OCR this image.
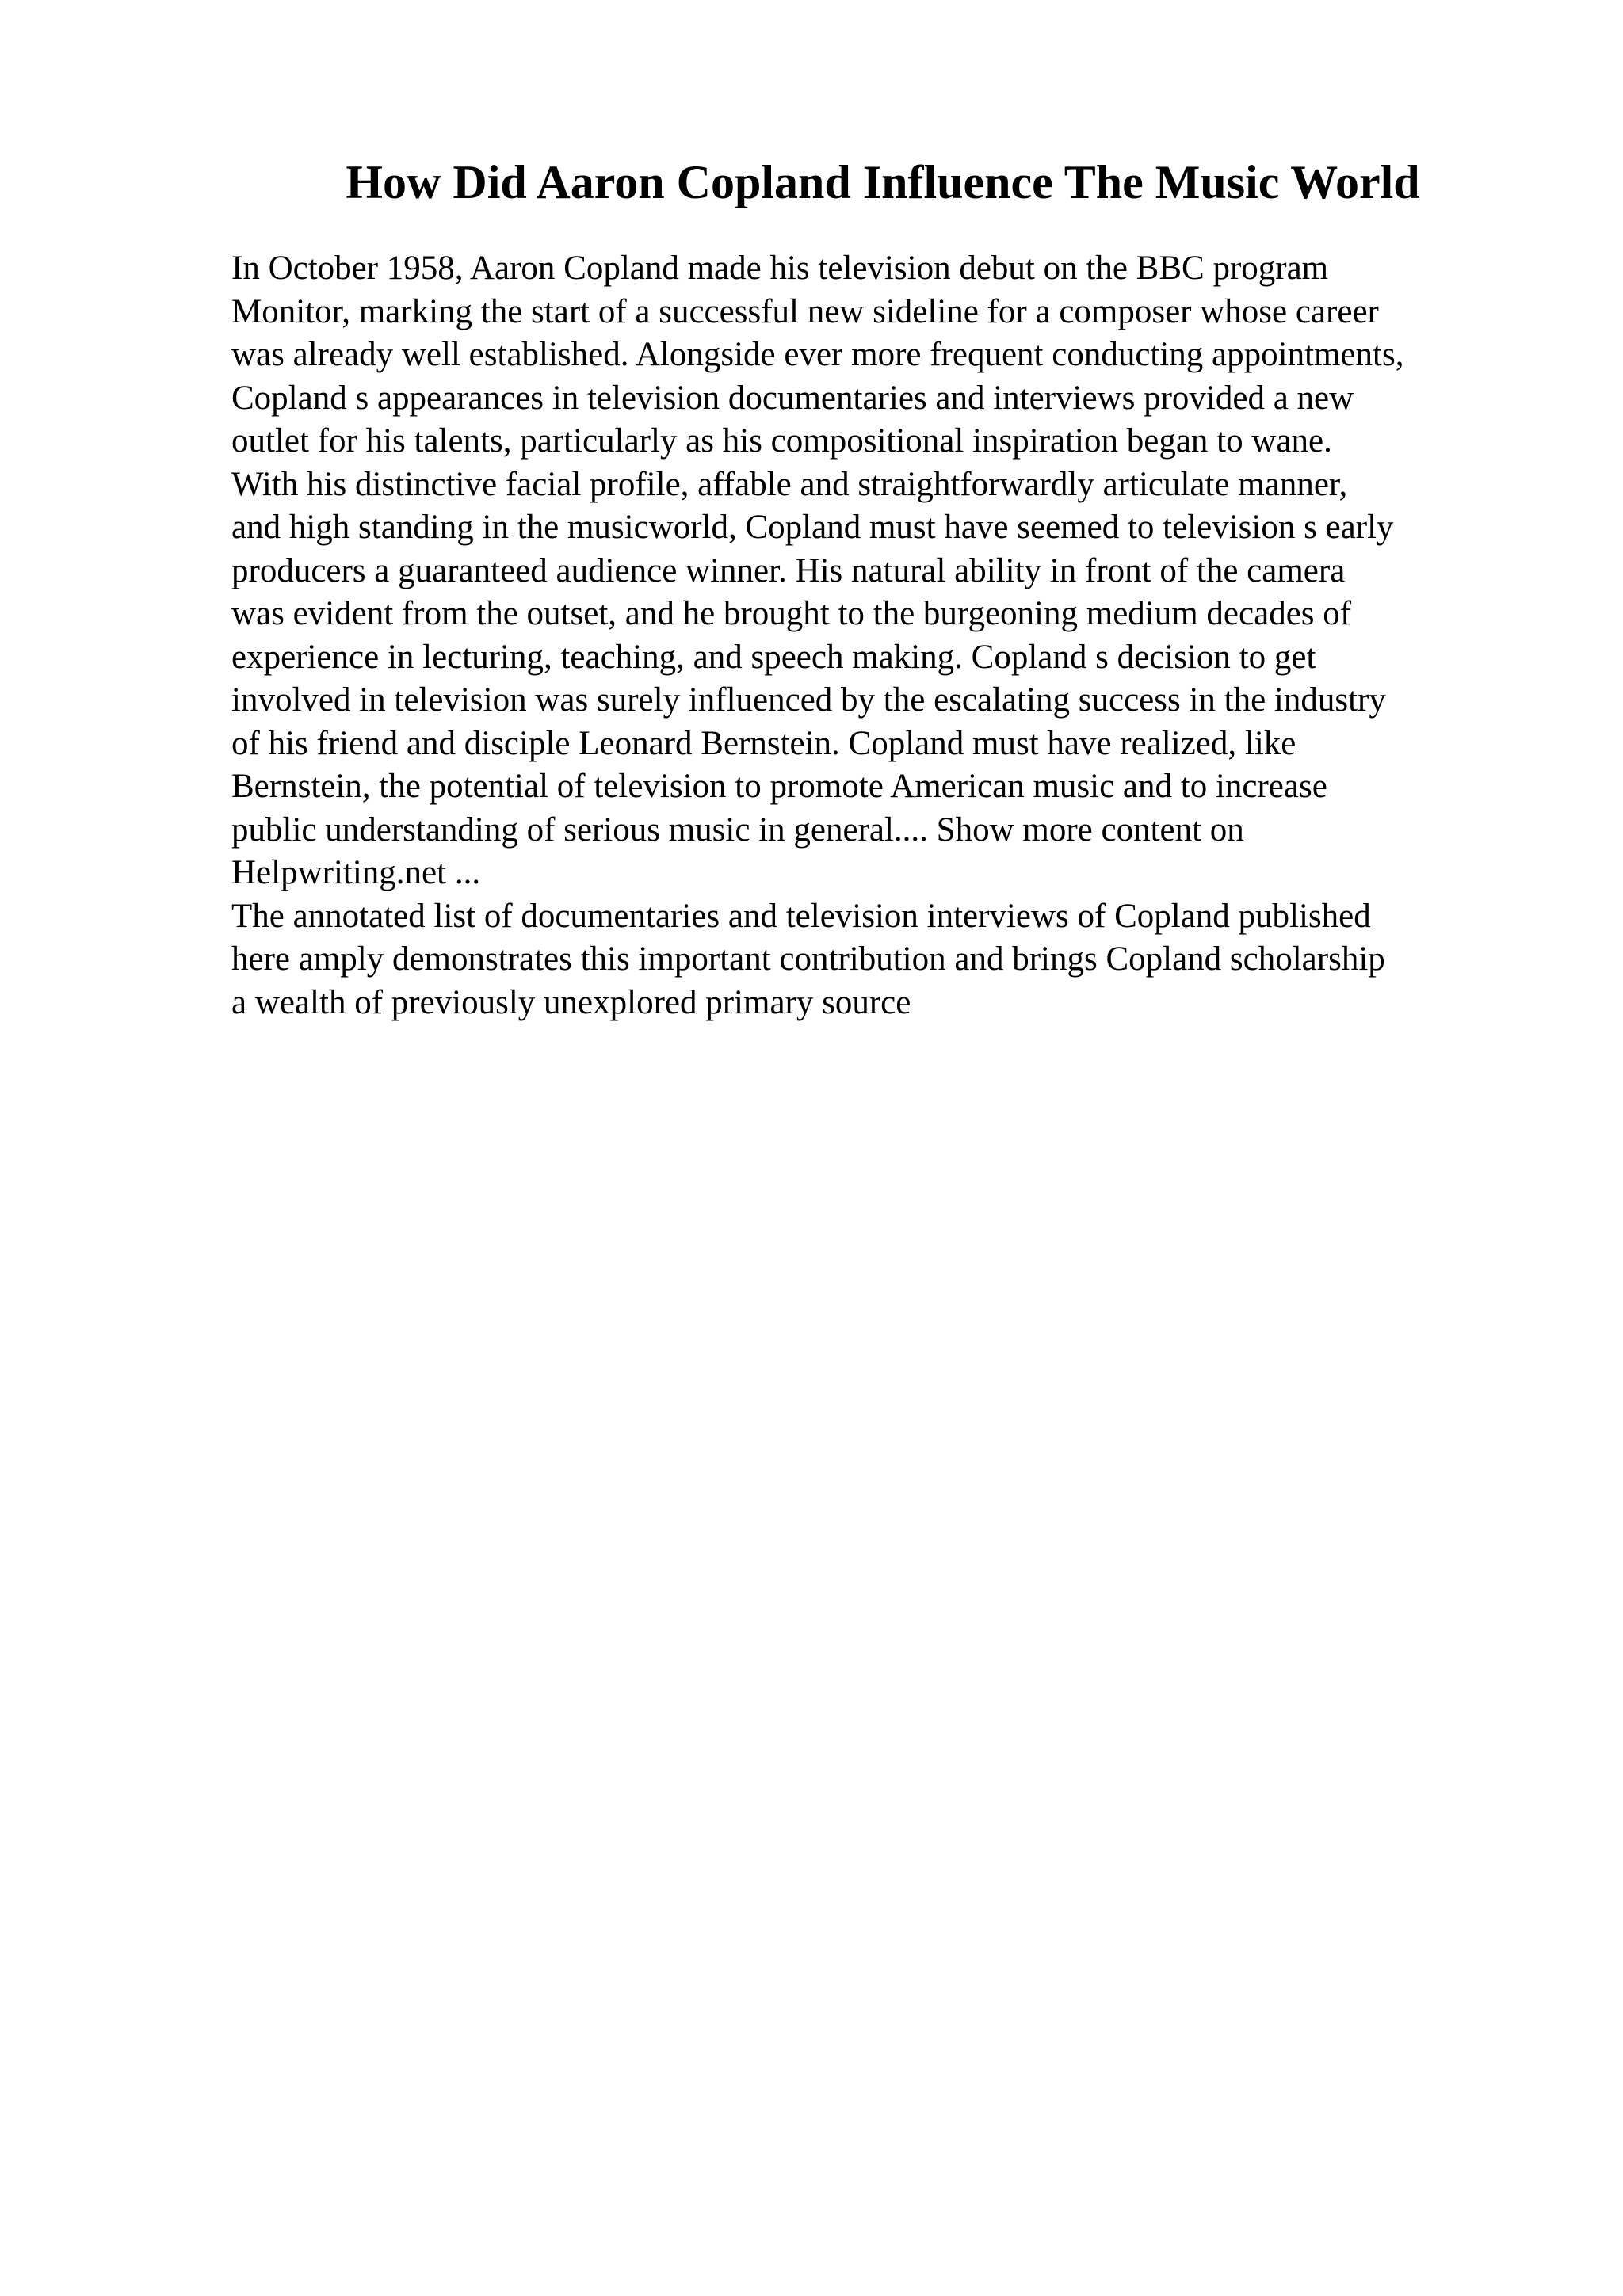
How Did Aaron Copland Influence The Music World
In October 1958, Aaron Copland made his television debut on the BBC program
Monitor, marking the start of a successful new sideline for a composer whose career
was already well established. Alongside ever more frequent conducting appointments,
Copland s appearances in television documentaries and interviews provided a new
outlet for his talents, particularly as his compositional inspiration began to wane.
With his distinctive facial profile, affable and straightforwardly articulate manner,
and high standing in the musicworld, Copland must have seemed to television s early
producers a guaranteed audience winner. His natural ability in front of the camera
was evident from the outset, and he brought to the burgeoning medium decades of
experience in lecturing, teaching, and speech making. Copland s decision to get
involved in television was surely influenced by the escalating success in the industry
of his friend and disciple Leonard Bernstein. Copland must have realized, like
Bernstein, the potential of television to promote American music and to increase
public understanding of serious music in general.... Show more content on
Helpwriting.net ...
The annotated list of documentaries and television interviews of Copland published
here amply demonstrates this important contribution and brings Copland scholarship
a wealth of previously unexplored primary source
